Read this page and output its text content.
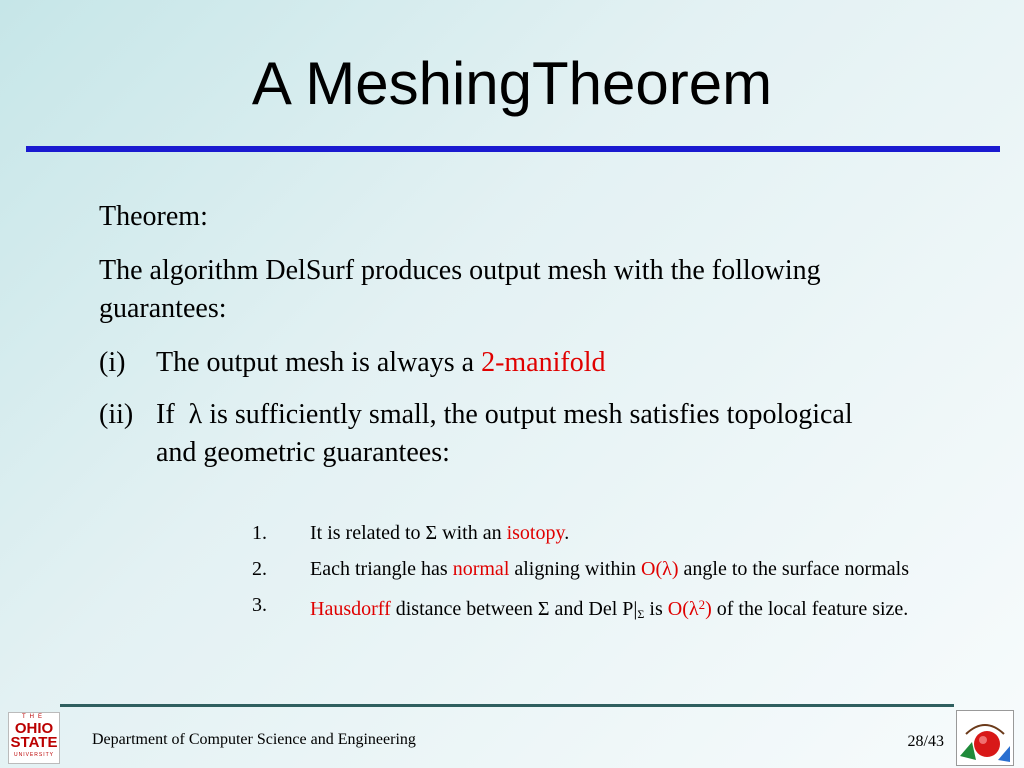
A MeshingTheorem

Theorem:

The algorithm DelSurf produces output mesh with the following guarantees:

(i)	The output mesh is always a 2-manifold
(ii) If  λ is sufficiently small, the output mesh satisfies topological and geometric guarantees:
1.	It is related to Σ with an isotopy.
2.	Each triangle has normal aligning within O(λ) angle to the surface normals
3.	Hausdorff distance between Σ and Del $P|_\Sigma$ is $O(\lambda^2)$ of the local feature size.
THE
OHIO
STATE
UNIVERSITY
Department of Computer Science and Engineering	28/43
